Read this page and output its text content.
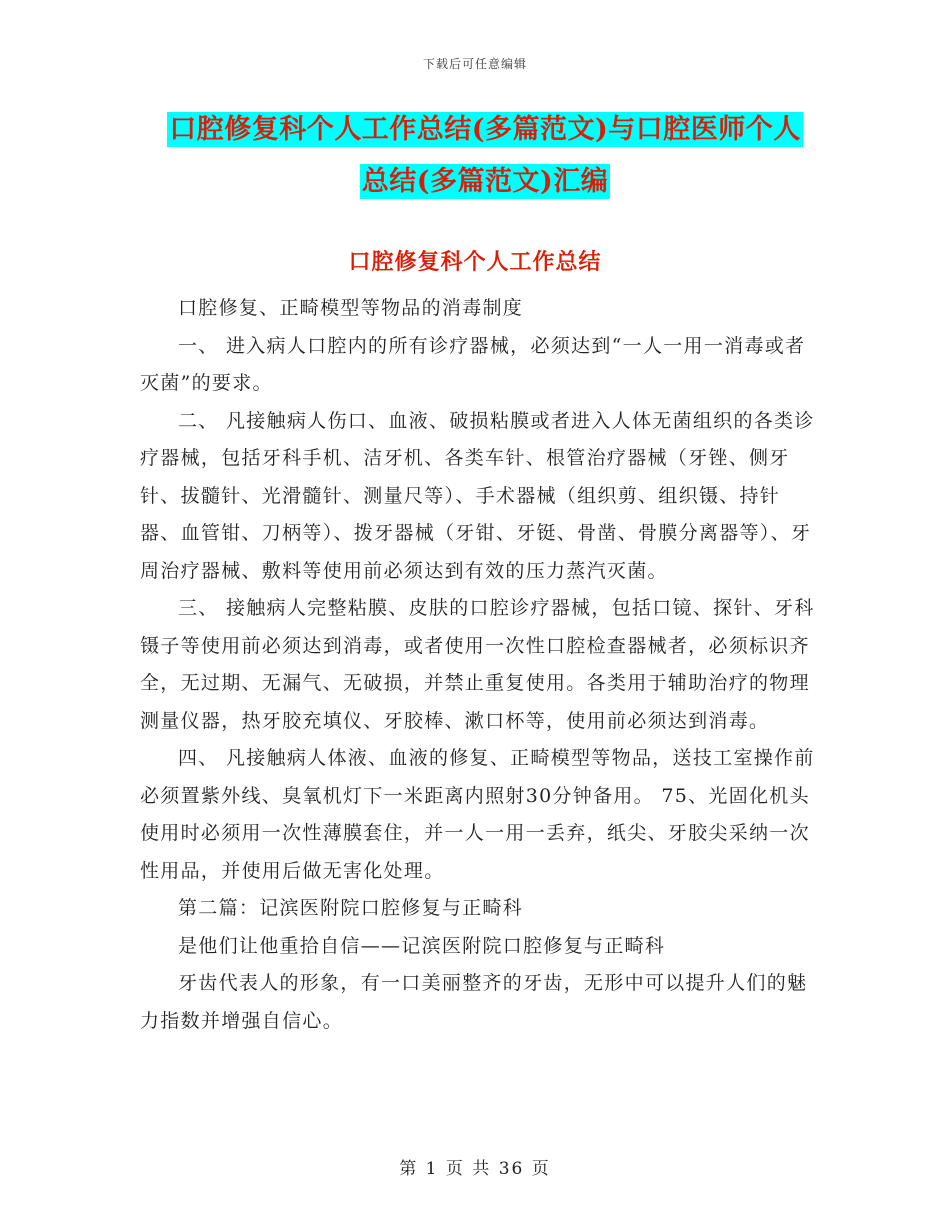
下载后可任意编辑
口腔修复科个人工作总结(多篇范文)与口腔医师个人
总结(多篇范文)汇编
口腔修复科个人工作总结

口腔修复、正畸模型等物品的消毒制度

一、 进入病人口腔内的所有诊疗器械，必须达到“一人一用一消毒或者灭菌”的要求。

二、 凡接触病人伤口、血液、破损粘膜或者进入人体无菌组织的各类诊疗器械，包括牙科手机、洁牙机、各类车针、根管治疗器械（牙锉、侧牙针、拔髓针、光滑髓针、测量尺等）、手术器械（组织剪、组织镊、持针器、血管钳、刀柄等）、拨牙器械（牙钳、牙铤、骨凿、骨膜分离器等）、牙周治疗器械、敷料等使用前必须达到有效的压力蒸汽灭菌。

三、 接触病人完整粘膜、皮肤的口腔诊疗器械，包括口镜、探针、牙科镊子等使用前必须达到消毒，或者使用一次性口腔检查器械者，必须标识齐全，无过期、无漏气、无破损，并禁止重复使用。各类用于辅助治疗的物理测量仪器，热牙胶充填仪、牙胶棒、漱口杯等，使用前必须达到消毒。

四、 凡接触病人体液、血液的修复、正畸模型等物品，送技工室操作前必须置紫外线、臭氧机灯下一米距离内照射30分钟备用。 75、光固化机头使用时必须用一次性薄膜套住，并一人一用一丢弃，纸尖、牙胶尖采纳一次性用品，并使用后做无害化处理。

第二篇：记滨医附院口腔修复与正畸科

是他们让他重拾自信——记滨医附院口腔修复与正畸科

牙齿代表人的形象，有一口美丽整齐的牙齿，无形中可以提升人们的魅力指数并增强自信心。

第 1 页 共 36 页
